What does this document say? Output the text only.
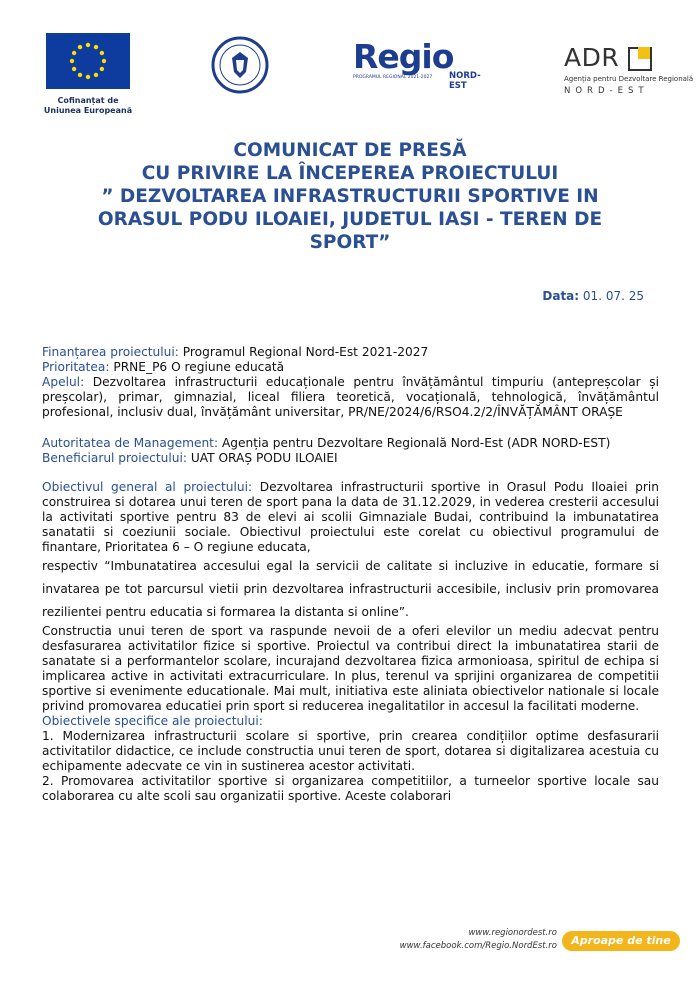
Cofinanțat de
Uniunea Europeană
Regio
PROGRAMUL REGIONAL 2021-2027 NORD-EST
ADR
Agenția pentru Dezvoltare Regională
NORD-EST
COMUNICAT DE PRESĂ
CU PRIVIRE LA ÎNCEPEREA PROIECTULUI
” DEZVOLTAREA INFRASTRUCTURII SPORTIVE IN
ORASUL PODU ILOAIEI, JUDETUL IASI - TEREN DE
SPORT”
Data: 01. 07. 25

Finanțarea proiectului: Programul Regional Nord-Est 2021-2027

Prioritatea: PRNE_P6 O regiune educată

Apelul: Dezvoltarea infrastructurii educaționale pentru învățământul timpuriu (antepreșcolar și preșcolar), primar, gimnazial, liceal filiera teoretică, vocațională, tehnologică, învățământul profesional, inclusiv dual, învățământ universitar, PR/NE/2024/6/RSO4.2/2/ÎNVĂȚĂMÂNT ORAȘE

Autoritatea de Management: Agenția pentru Dezvoltare Regională Nord-Est (ADR NORD-EST)

Beneficiarul proiectului: UAT ORAȘ PODU ILOAIEI

Obiectivul general al proiectului: Dezvoltarea infrastructurii sportive in Orasul Podu Iloaiei prin construirea si dotarea unui teren de sport pana la data de 31.12.2029, in vederea cresterii accesului la activitati sportive pentru 83 de elevi ai scolii Gimnaziale Budai, contribuind la imbunatatirea sanatatii si coeziunii sociale. Obiectivul proiectului este corelat cu obiectivul programului de finantare, Prioritatea 6 – O regiune educata,

respectiv “Imbunatatirea accesului egal la servicii de calitate si incluzive in educatie, formare si invatarea pe tot parcursul vietii prin dezvoltarea infrastructurii accesibile, inclusiv prin promovarea rezilientei pentru educatia si formarea la distanta si online”.

Constructia unui teren de sport va raspunde nevoii de a oferi elevilor un mediu adecvat pentru desfasurarea activitatilor fizice si sportive. Proiectul va contribui direct la imbunatatirea starii de sanatate si a performantelor scolare, incurajand dezvoltarea fizica armonioasa, spiritul de echipa si implicarea active in activitati extracurriculare. In plus, terenul va sprijini organizarea de competitii sportive si evenimente educationale. Mai mult, initiativa este aliniata obiectivelor nationale si locale privind promovarea educatiei prin sport si reducerea inegalitatilor in accesul la facilitati moderne.

Obiectivele specifice ale proiectului:

1. Modernizarea infrastructurii scolare si sportive, prin crearea condițiilor optime desfasurarii activitatilor didactice, ce include constructia unui teren de sport, dotarea si digitalizarea acestuia cu echipamente adecvate ce vin in sustinerea acestor activitati.

2. Promovarea activitatilor sportive si organizarea competitiilor, a turneelor sportive locale sau colaborarea cu alte scoli sau organizatii sportive. Aceste colaborari

www.regionordest.ro
www.facebook.com/Regio.NordEst.ro	Aproape de tine
